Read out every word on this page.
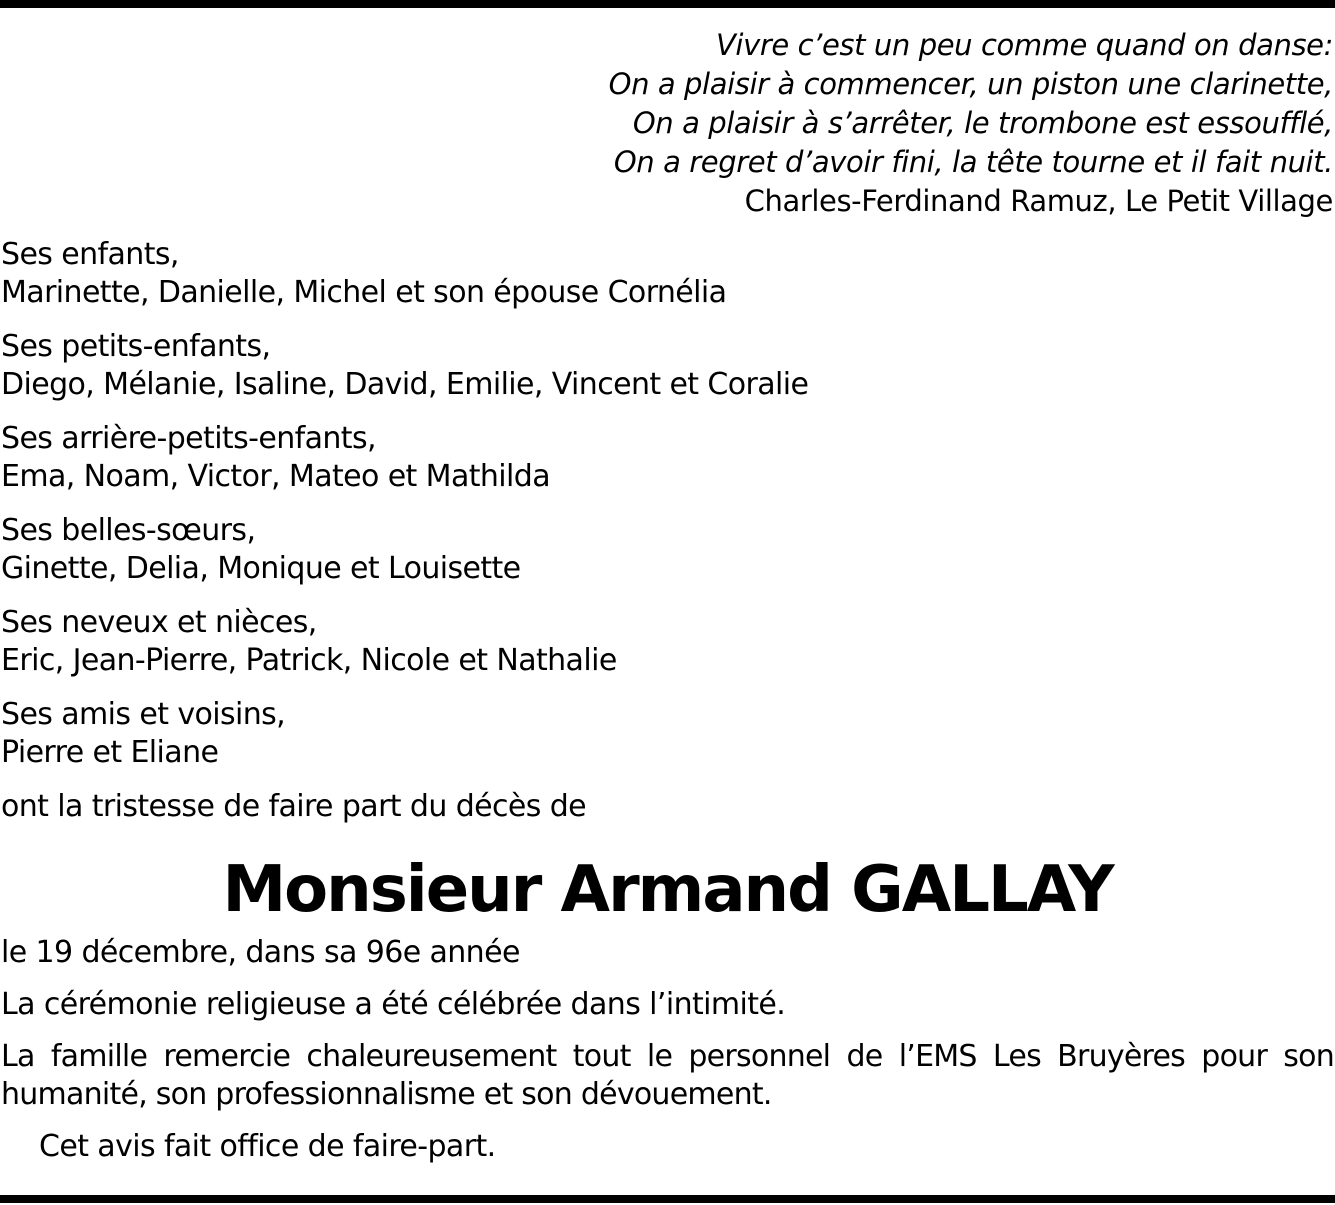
Vivre c’est un peu comme quand on danse:
On a plaisir à commencer, un piston une clarinette,
On a plaisir à s’arrêter, le trombone est essoufflé,
On a regret d’avoir fini, la tête tourne et il fait nuit.
Charles-Ferdinand Ramuz, Le Petit Village
Ses enfants,
Marinette, Danielle, Michel et son épouse Cornélia
Ses petits-enfants,
Diego, Mélanie, Isaline, David, Emilie, Vincent et Coralie
Ses arrière-petits-enfants,
Ema, Noam, Victor, Mateo et Mathilda
Ses belles-sœurs,
Ginette, Delia, Monique et Louisette
Ses neveux et nièces,
Eric, Jean-Pierre, Patrick, Nicole et Nathalie
Ses amis et voisins,
Pierre et Eliane

ont la tristesse de faire part du décès de

Monsieur Armand GALLAY

le 19 décembre, dans sa 96e année

La cérémonie religieuse a été célébrée dans l’intimité.

La famille remercie chaleureusement tout le personnel de l’EMS Les Bruyères pour son humanité, son professionnalisme et son dévouement.

Cet avis fait office de faire-part.
